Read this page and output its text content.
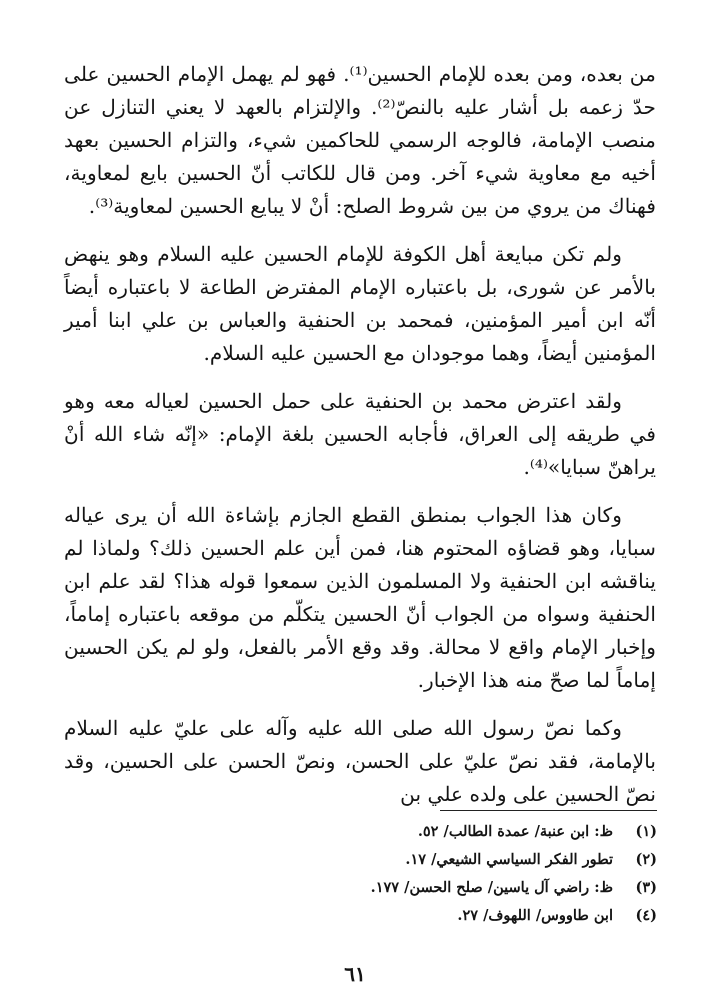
من بعده، ومن بعده للإمام الحسين⁽¹⁾. فهو لم يهمل الإمام الحسين على حدّ زعمه بل أشار عليه بالنصّ⁽²⁾. والإلتزام بالعهد لا يعني التنازل عن منصب الإمامة، فالوجه الرسمي للحاكمين شيء، والتزام الحسين بعهد أخيه مع معاوية شيء آخر. ومن قال للكاتب أنّ الحسين بايع لمعاوية، فهناك من يروي من بين شروط الصلح: أنْ لا يبايع الحسين لمعاوية⁽³⁾.

ولم تكن مبايعة أهل الكوفة للإمام الحسين عليه السلام وهو ينهض بالأمر عن شورى، بل باعتباره الإمام المفترض الطاعة لا باعتباره أيضاً أنّه ابن أمير المؤمنين، فمحمد بن الحنفية والعباس بن علي ابنا أمير المؤمنين أيضاً، وهما موجودان مع الحسين عليه السلام.

ولقد اعترض محمد بن الحنفية على حمل الحسين لعياله معه وهو في طريقه إلى العراق، فأجابه الحسين بلغة الإمام: «إنّه شاء الله أنْ يراهنّ سبايا»⁽⁴⁾.

وكان هذا الجواب بمنطق القطع الجازم بإشاءة الله أن يرى عياله سبايا، وهو قضاؤه المحتوم هنا، فمن أين علم الحسين ذلك؟ ولماذا لم يناقشه ابن الحنفية ولا المسلمون الذين سمعوا قوله هذا؟ لقد علم ابن الحنفية وسواه من الجواب أنّ الحسين يتكلّم من موقعه باعتباره إماماً، وإخبار الإمام واقع لا محالة. وقد وقع الأمر بالفعل، ولو لم يكن الحسين إماماً لما صحّ منه هذا الإخبار.

وكما نصّ رسول الله صلى الله عليه وآله على عليّ عليه السلام بالإمامة، فقد نصّ عليّ على الحسن، ونصّ الحسن على الحسين، وقد نصّ الحسين على ولده علي بن

(١)ظ: ابن عنبة/ عمدة الطالب/ ٥٢.
(٢)تطور الفكر السياسي الشيعي/ ١٧.
(٣)ظ: راضي آل ياسين/ صلح الحسن/ ١٧٧.
(٤)ابن طاووس/ اللهوف/ ٢٧.
٦١
